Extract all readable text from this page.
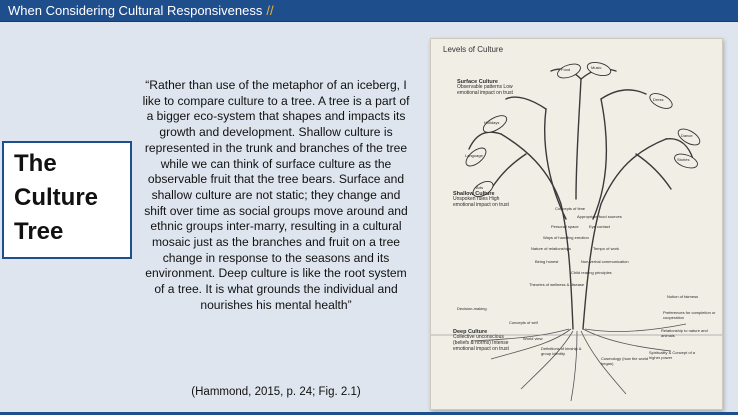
When Considering Cultural Responsiveness //
The
Culture
Tree
“Rather than use of the metaphor of an iceberg, I like to compare culture to a tree. A tree is a part of a bigger eco-system that shapes and impacts its growth and development. Shallow culture is represented in the trunk and branches of the tree while we can think of surface culture as the observable fruit that the tree bears. Surface and shallow culture are not static; they change and shift over time as social groups move around and ethnic groups inter-marry, resulting in a cultural mosaic just as the branches and fruit on a tree change in response to the seasons and its environment. Deep culture is like the root system of a tree. It is what grounds the individual and nourishes his mental health”
(Hammond, 2015, p. 24; Fig. 2.1)
Levels of Culture
Surface Culture
Observable patterns Low emotional impact on trust
Shallow Culture
Unspoken rules High emotional impact on trust
Deep Culture
Collective unconscious (beliefs & norms) Intense emotional impact on trust
Food
Holidays
Dress
Music
Language
Dance
Stories
Arts
Concepts of time
Appropriate food sources
Personal space	Eye contact
Ways of handling emotion
Nature of relationships	Tempo of work
Being honest	Non-verbal communication
Child rearing principles
Theories of wellness & disease
Decision-making
Concepts of self
World view
Definitions of kinship & group identity
Cosmology (how the world began)
Spirituality & Concept of a higher power
Notion of fairness
Preferences for completion or cooperation
Relationship to nature and animals
